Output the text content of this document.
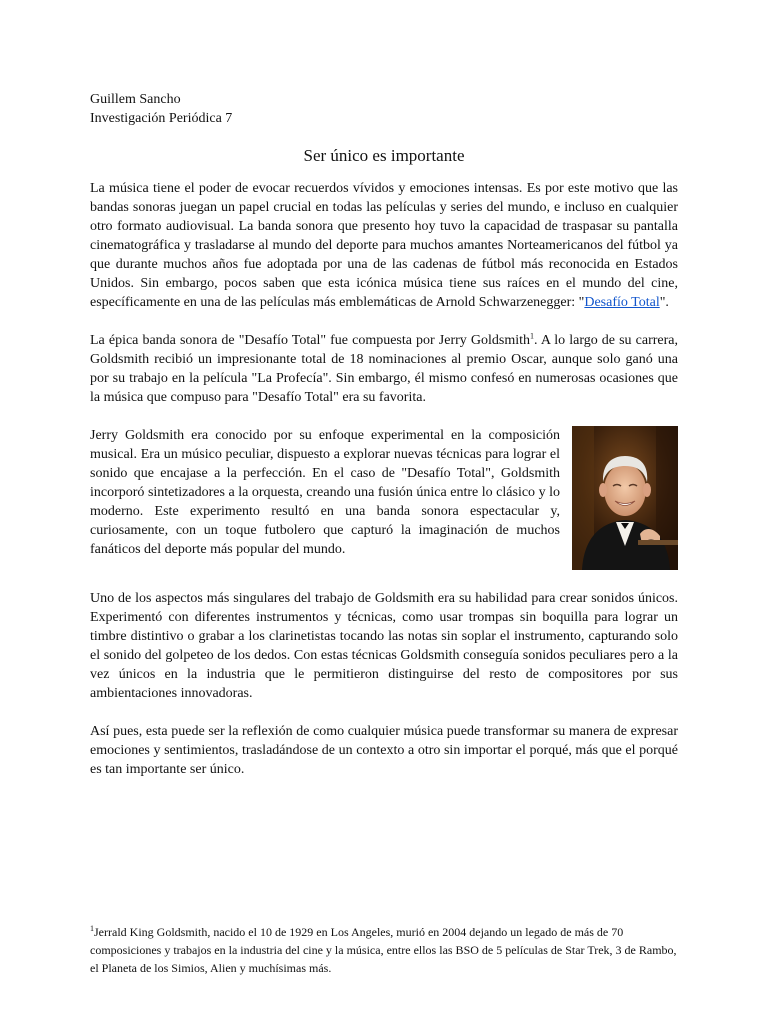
Guillem Sancho

Investigación Periódica 7

Ser único es importante

La música tiene el poder de evocar recuerdos vívidos y emociones intensas. Es por este motivo que las bandas sonoras juegan un papel crucial en todas las películas y series del mundo, e incluso en cualquier otro formato audiovisual. La banda sonora que presento hoy tuvo la capacidad de traspasar su pantalla cinematográfica y trasladarse al mundo del deporte para muchos amantes Norteamericanos del fútbol ya que durante muchos años fue adoptada por una de las cadenas de fútbol más reconocida en Estados Unidos. Sin embargo, pocos saben que esta icónica música tiene sus raíces en el mundo del cine, específicamente en una de las películas más emblemáticas de Arnold Schwarzenegger: "Desafío Total".

La épica banda sonora de "Desafío Total" fue compuesta por Jerry Goldsmith$^1$. A lo largo de su carrera, Goldsmith recibió un impresionante total de 18 nominaciones al premio Oscar, aunque solo ganó una por su trabajo en la película "La Profecía". Sin embargo, él mismo confesó en numerosas ocasiones que la música que compuso para "Desafío Total" era su favorita.

Jerry Goldsmith era conocido por su enfoque experimental en la composición musical. Era un músico peculiar, dispuesto a explorar nuevas técnicas para lograr el sonido que encajase a la perfección. En el caso de "Desafío Total", Goldsmith incorporó sintetizadores a la orquesta, creando una fusión única entre lo clásico y lo moderno. Este experimento resultó en una banda sonora espectacular y, curiosamente, con un toque futbolero que capturó la imaginación de muchos fanáticos del deporte más popular del mundo.

Uno de los aspectos más singulares del trabajo de Goldsmith era su habilidad para crear sonidos únicos. Experimentó con diferentes instrumentos y técnicas, como usar trompas sin boquilla para lograr un timbre distintivo o grabar a los clarinetistas tocando las notas sin soplar el instrumento, capturando solo el sonido del golpeteo de los dedos. Con estas técnicas Goldsmith conseguía sonidos peculiares pero a la vez únicos en la industria que le permitieron distinguirse del resto de compositores por sus ambientaciones innovadoras.

Así pues, esta puede ser la reflexión de como cualquier música puede transformar su manera de expresar emociones y sentimientos, trasladándose de un contexto a otro sin importar el porqué, más que el porqué es tan importante ser único.

$^1$Jerrald King Goldsmith, nacido el 10 de 1929 en Los Angeles, murió en 2004 dejando un legado de más de 70 composiciones y trabajos en la industria del cine y la música, entre ellos las BSO de 5 películas de Star Trek, 3 de Rambo, el Planeta de los Simios, Alien y muchísimas más.
